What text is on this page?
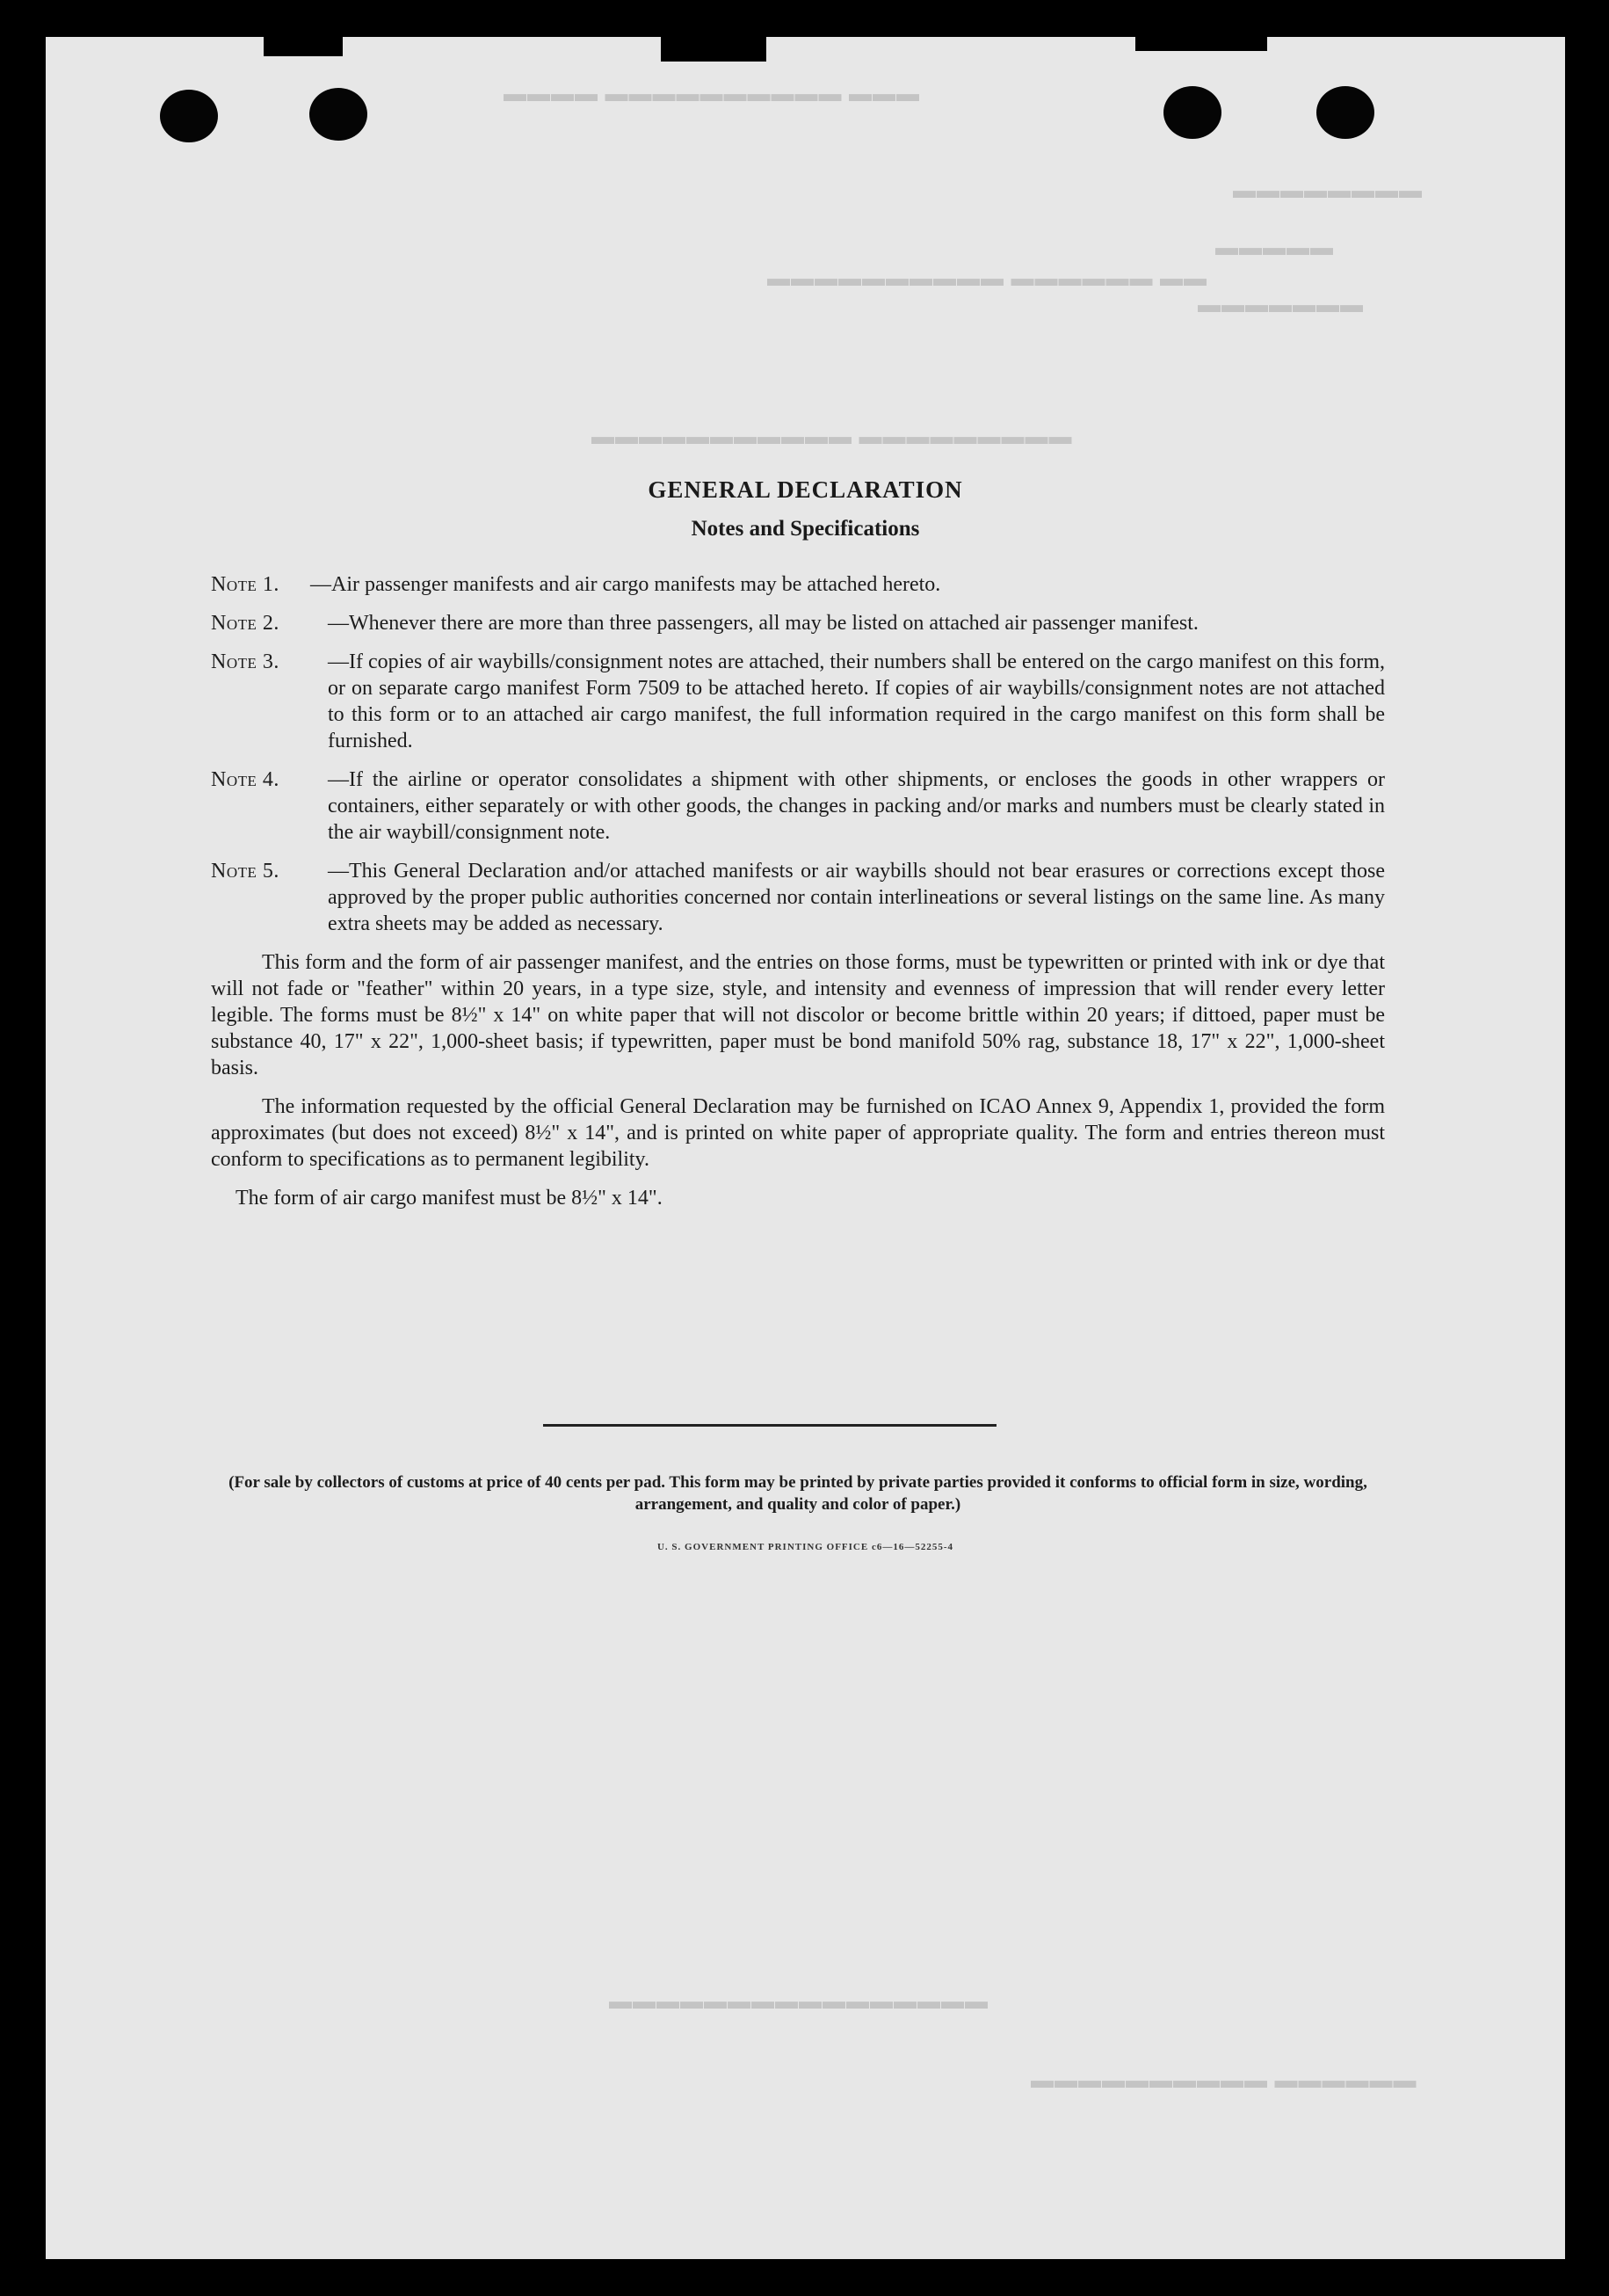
▬▬▬ ▬▬▬▬▬▬▬▬▬▬ ▬▬▬▬
▬▬▬▬▬▬▬▬
▬▬▬▬▬
▬▬▬▬▬▬▬
▬▬ ▬▬▬▬▬▬ ▬▬▬▬▬▬▬▬▬▬
▬▬▬▬▬▬▬▬▬ ▬▬▬▬▬▬▬▬▬▬▬
▬▬▬▬▬▬▬▬▬▬▬▬▬▬▬▬
▬▬▬▬▬▬ ▬▬▬▬▬▬▬▬▬▬
GENERAL DECLARATION
Notes and Specifications
Note 1. —Air passenger manifests and air cargo manifests may be attached hereto.
Note 2. —Whenever there are more than three passengers, all may be listed on attached air passenger manifest.
Note 3. —If copies of air waybills/consignment notes are attached, their numbers shall be entered on the cargo manifest on this form, or on separate cargo manifest Form 7509 to be attached hereto. If copies of air waybills/consignment notes are not attached to this form or to an attached air cargo manifest, the full information required in the cargo manifest on this form shall be furnished.
Note 4. —If the airline or operator consolidates a shipment with other shipments, or encloses the goods in other wrappers or containers, either separately or with other goods, the changes in packing and/or marks and numbers must be clearly stated in the air waybill/consignment note.
Note 5. —This General Declaration and/or attached manifests or air waybills should not bear erasures or corrections except those approved by the proper public authorities concerned nor contain interlineations or several listings on the same line. As many extra sheets may be added as necessary.

This form and the form of air passenger manifest, and the entries on those forms, must be typewritten or printed with ink or dye that will not fade or "feather" within 20 years, in a type size, style, and intensity and evenness of impression that will render every letter legible. The forms must be 8½" x 14" on white paper that will not discolor or become brittle within 20 years; if dittoed, paper must be substance 40, 17" x 22", 1,000-sheet basis; if typewritten, paper must be bond manifold 50% rag, substance 18, 17" x 22", 1,000-sheet basis.

The information requested by the official General Declaration may be furnished on ICAO Annex 9, Appendix 1, provided the form approximates (but does not exceed) 8½" x 14", and is printed on white paper of appropriate quality. The form and entries thereon must conform to specifications as to permanent legibility.

The form of air cargo manifest must be 8½" x 14".

(For sale by collectors of customs at price of 40 cents per pad. This form may be printed by private parties provided it conforms to official form in size, wording, arrangement, and quality and color of paper.)
U. S. GOVERNMENT PRINTING OFFICE c6—16—52255-4
